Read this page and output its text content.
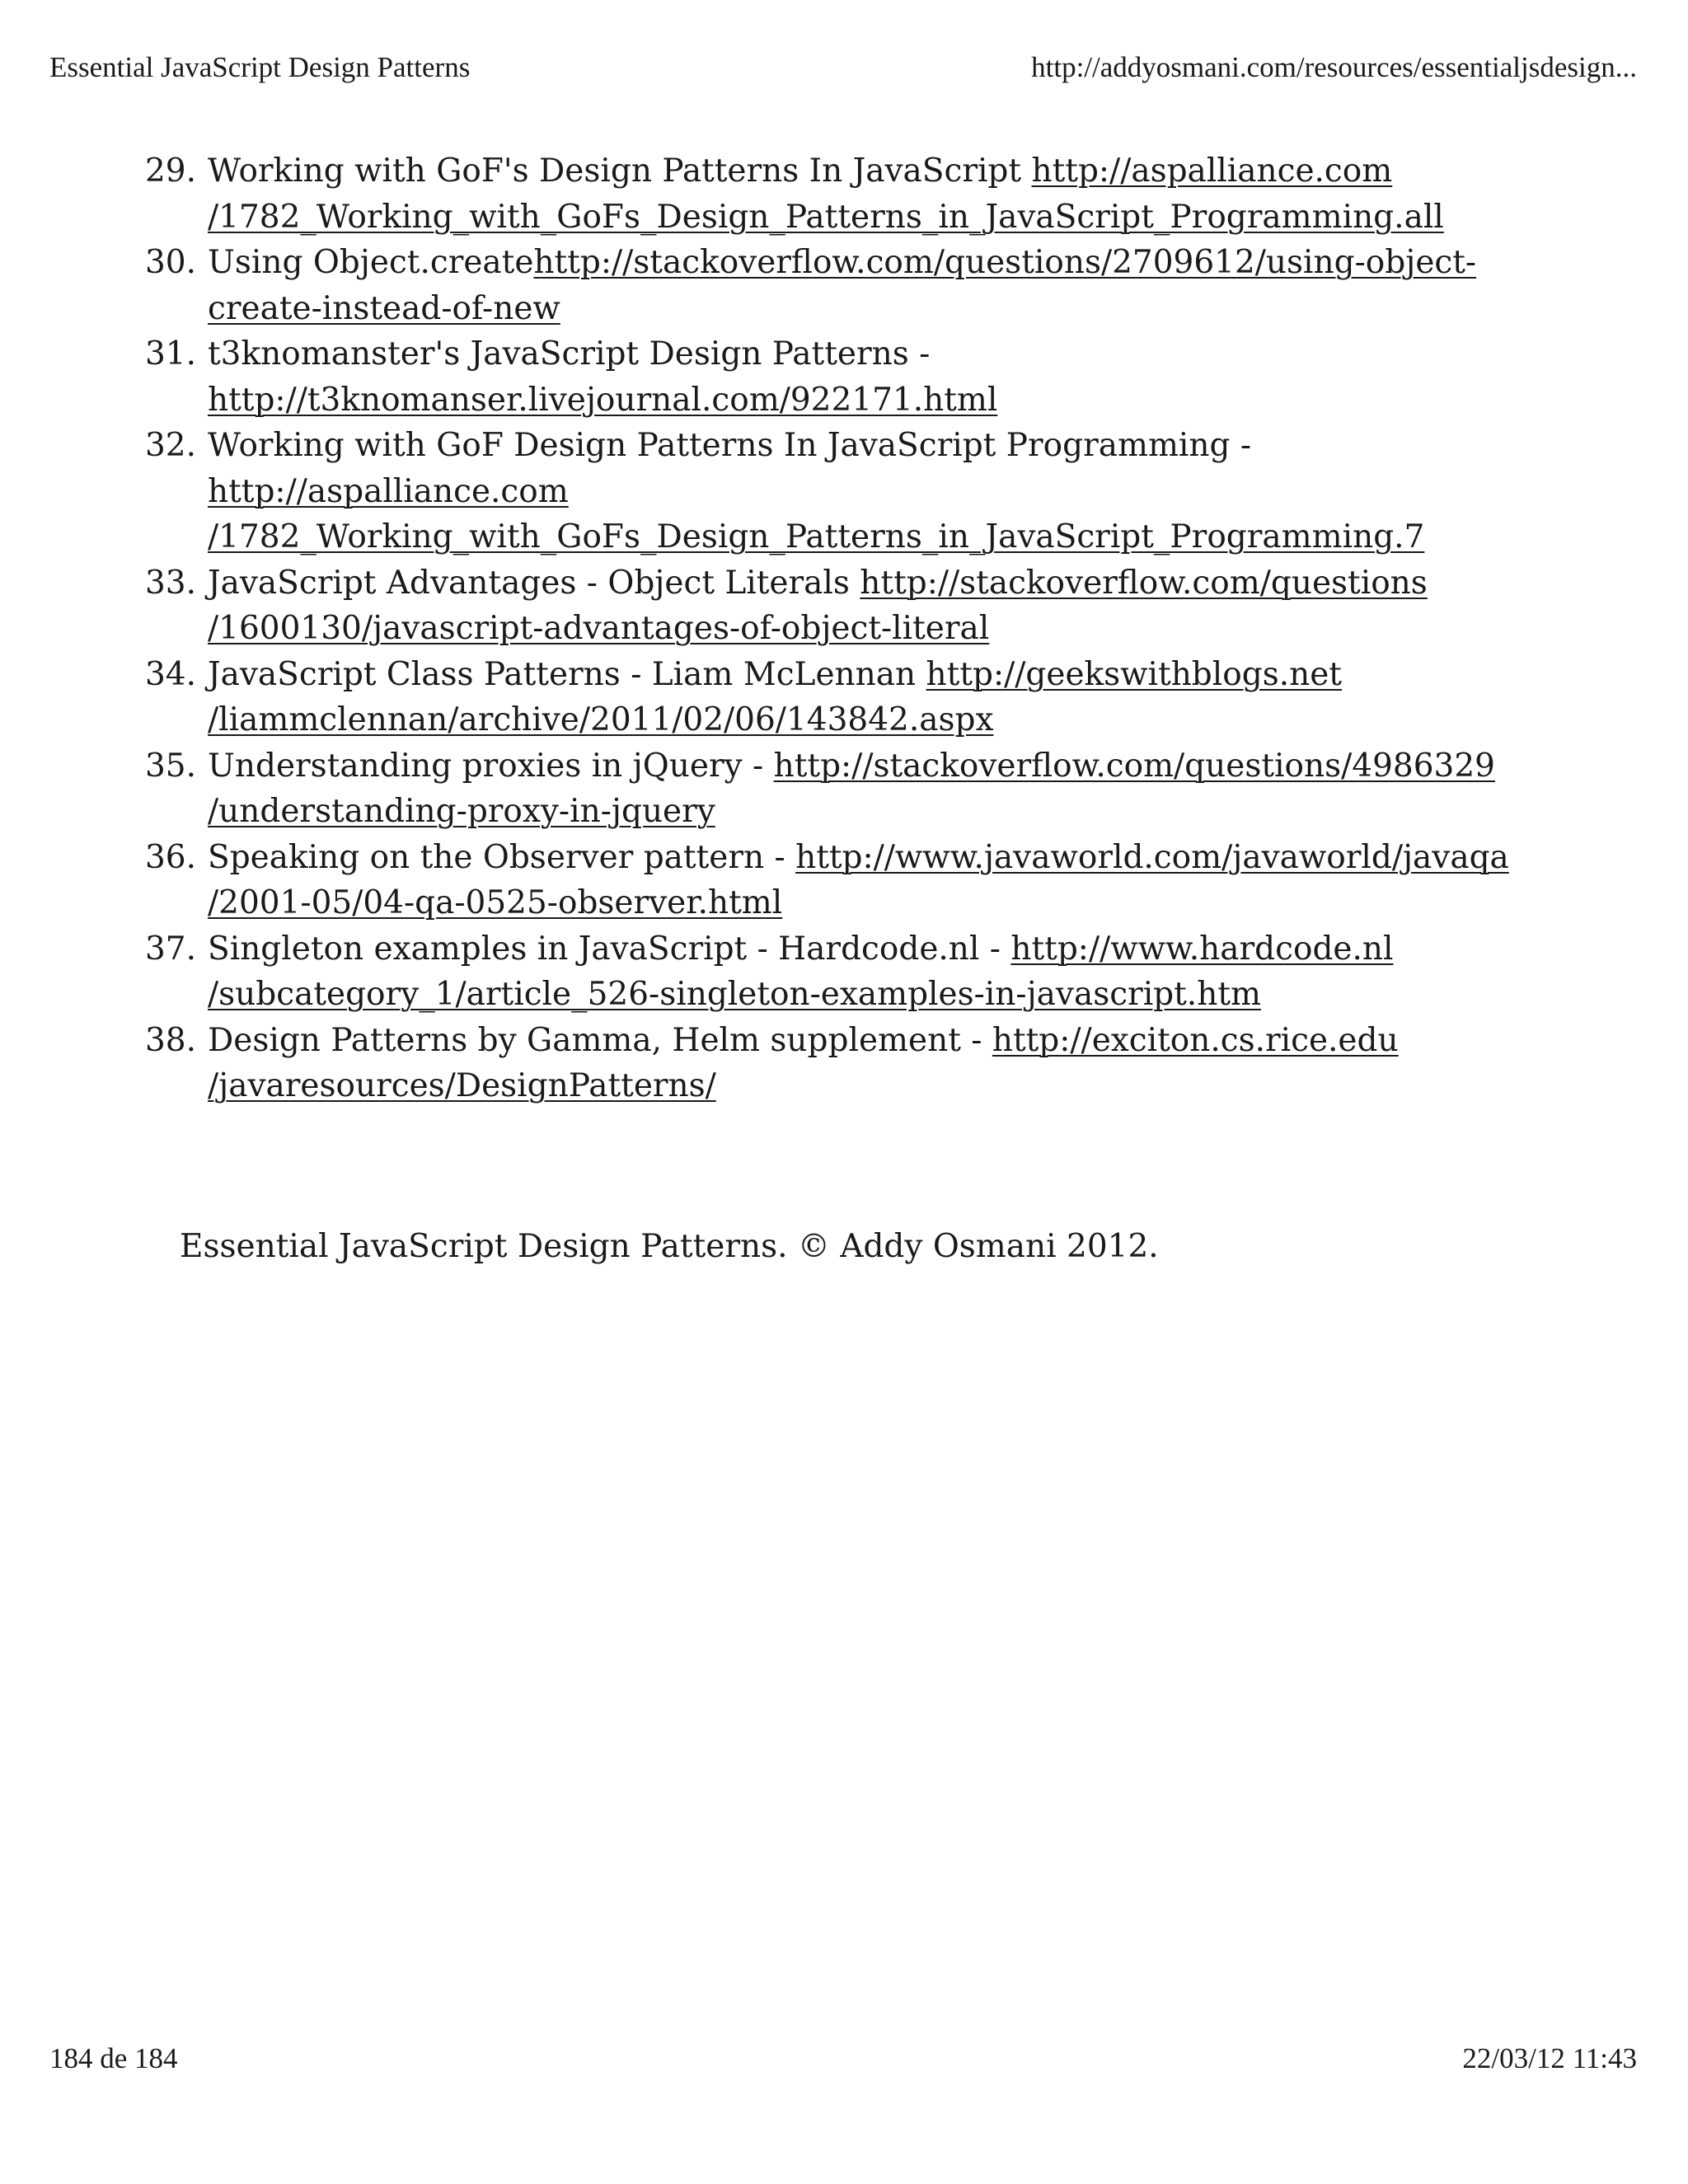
Essential JavaScript Design Patterns	http://addyosmani.com/resources/essentialjsdesign...
29. Working with GoF's Design Patterns In JavaScript http://aspalliance.com
/1782_Working_with_GoFs_Design_Patterns_in_JavaScript_Programming.all
30. Using Object.createhttp://stackoverflow.com/questions/2709612/using-object-
create-instead-of-new
31. t3knomanster's JavaScript Design Patterns -
http://t3knomanser.livejournal.com/922171.html
32. Working with GoF Design Patterns In JavaScript Programming -
http://aspalliance.com
/1782_Working_with_GoFs_Design_Patterns_in_JavaScript_Programming.7
33. JavaScript Advantages - Object Literals http://stackoverflow.com/questions
/1600130/javascript-advantages-of-object-literal
34. JavaScript Class Patterns - Liam McLennan http://geekswithblogs.net
/liammclennan/archive/2011/02/06/143842.aspx
35. Understanding proxies in jQuery - http://stackoverflow.com/questions/4986329
/understanding-proxy-in-jquery
36. Speaking on the Observer pattern - http://www.javaworld.com/javaworld/javaqa
/2001-05/04-qa-0525-observer.html
37. Singleton examples in JavaScript - Hardcode.nl - http://www.hardcode.nl
/subcategory_1/article_526-singleton-examples-in-javascript.htm
38. Design Patterns by Gamma, Helm supplement - http://exciton.cs.rice.edu
/javaresources/DesignPatterns/
Essential JavaScript Design Patterns. © Addy Osmani 2012.
184 de 184	22/03/12 11:43
